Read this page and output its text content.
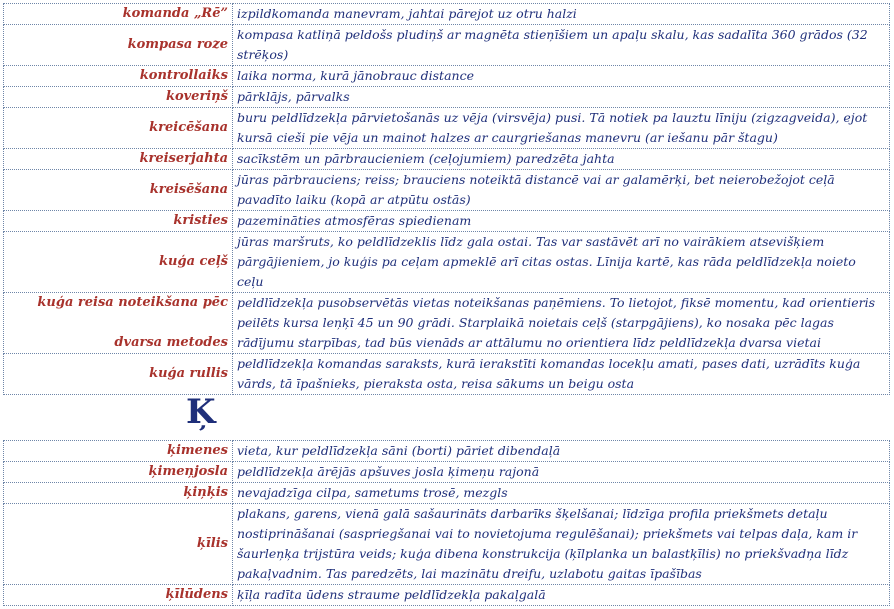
komanda „Rē”	izpildkomanda manevram, jahtai pārejot uz otru halzi
kompasa roze	kompasa katliņā peldošs pludiņš ar magnēta stieņīšiem un apaļu skalu, kas sadalīta 360 grādos (32 strēķos)
kontrollaiks	laika norma, kurā jānobrauc distance
koveriņš	pārklājs, pārvalks
kreicēšana	buru peldlīdzekļa pārvietošanās uz vēja (virsvēja) pusi. Tā notiek pa lauztu līniju (zigzagveida), ejot kursā cieši pie vēja un mainot halzes ar caurgriešanas manevru (ar iešanu pār štagu)
kreiserjahta	sacīkstēm un pārbraucieniem (ceļojumiem) paredzēta jahta
kreisēšana	jūras pārbrauciens; reiss; brauciens noteiktā distancē vai ar galamērķi, bet neierobežojot ceļā pavadīto laiku (kopā ar atpūtu ostās)
kristies	pazemināties atmosfēras spiedienam
kuģa ceļš	jūras maršruts, ko peldlīdzeklis līdz gala ostai. Tas var sastāvēt arī no vairākiem atsevišķiem pārgājieniem, jo kuģis pa ceļam apmeklē arī citas ostas. Līnija kartē, kas rāda peldlīdzekļa noieto ceļu

kuģa reisa noteikšana pēc
dvarsa metodes	peldlīdzekļa pusobservētās vietas noteikšanas paņēmiens. To lietojot, fiksē momentu, kad orientieris peilēts kursa leņķī 45 un 90 grādi. Starplaikā noietais ceļš (starpgājiens), ko nosaka pēc lagas rādījumu starpības, tad būs vienāds ar attālumu no orientiera līdz peldlīdzekļa dvarsa vietai
kuģa rullis	peldlīdzekļa komandas saraksts, kurā ierakstīti komandas locekļu amati, pases dati, uzrādīts kuģa vārds, tā īpašnieks, pieraksta osta, reisa sākums un beigu osta
Ķ
ķimenes	vieta, kur peldlīdzekļa sāni (borti) pāriet dibendaļā
ķimeņjosla	peldlīdzekļa ārējās apšuves josla ķimeņu rajonā
ķiņķis	nevajadzīga cilpa, sametums trosē, mezgls
ķīlis	plakans, garens, vienā galā sašaurināts darbarīks šķelšanai; līdzīga profila priekšmets detaļu nostiprināšanai (saspriegšanai vai to novietojuma regulēšanai); priekšmets vai telpas daļa, kam ir šaurleņķa trijstūra veids; kuģa dibena konstrukcija (ķīlplanka un balastķīlis) no priekšvadņa līdz pakaļvadnim. Tas paredzēts, lai mazinātu dreifu, uzlabotu gaitas īpašības
ķīlūdens	ķīļa radīta ūdens straume peldlīdzekļa pakaļgalā
